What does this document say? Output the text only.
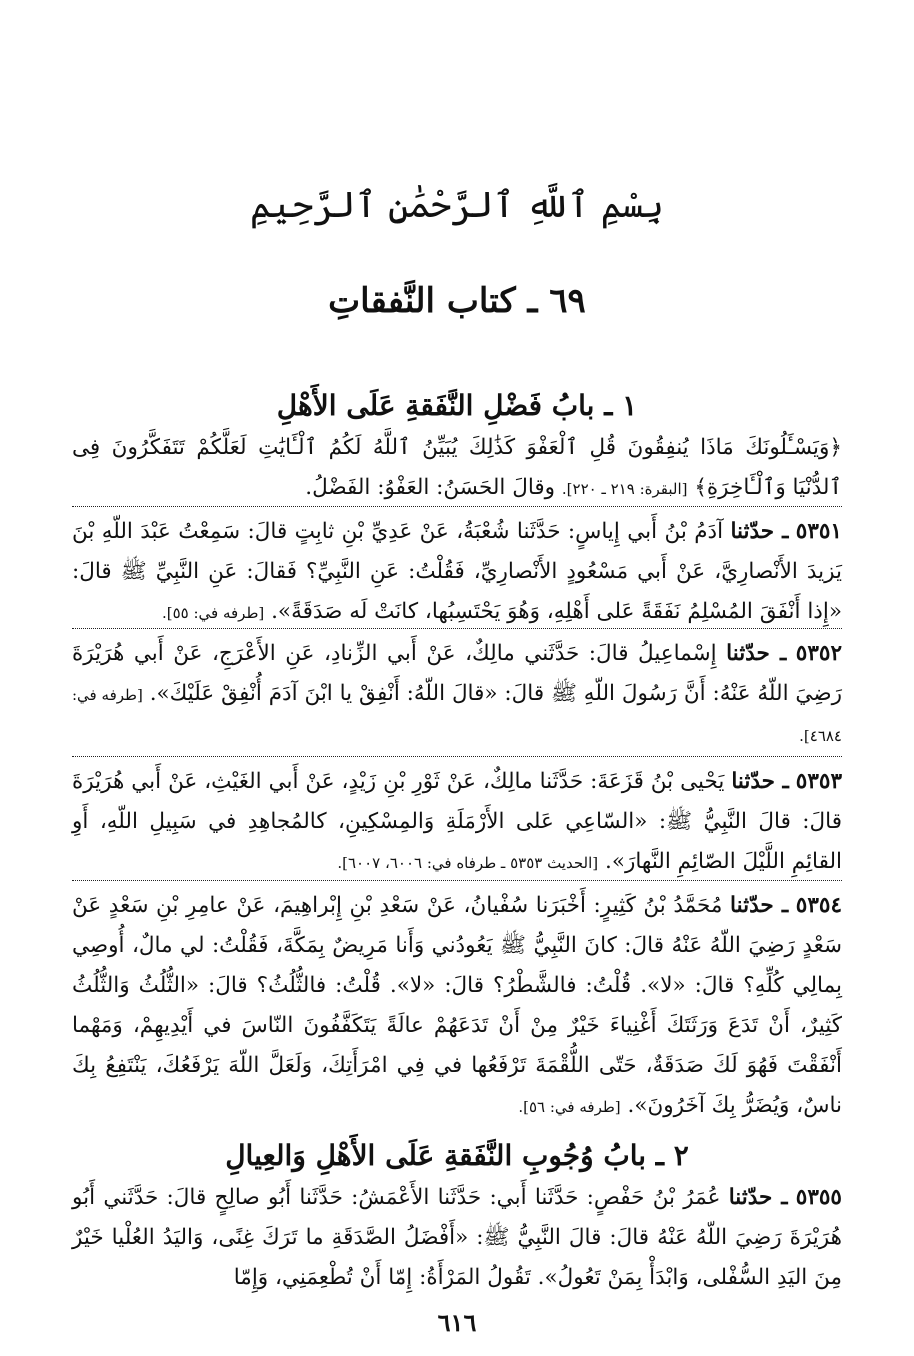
بِسْمِ ٱللَّهِ ٱلرَّحْمَٰنِ ٱلرَّحِيمِ
٦٩ ـ كتاب النَّفقاتِ
١ ـ بابُ فَضْلِ النَّفَقةِ عَلَى الأَهْلِ
﴿وَيَسْـَٔلُونَكَ مَاذَا يُنفِقُونَ قُلِ ٱلْعَفْوَ كَذَٰلِكَ يُبَيِّنُ ٱللَّهُ لَكُمُ ٱلْـَٔايَٰتِ لَعَلَّكُمْ تَتَفَكَّرُونَ فِى ٱلدُّنْيَا وَٱلْـَٔاخِرَةِ﴾ [البقرة: ٢١٩ ـ ٢٢٠]. وقالَ الحَسَنُ: العَفْوُ: الفَضْلُ.
٥٣٥١ ـ حدّثنا آدَمُ بْنُ أَبي إِياسٍ: حَدَّثَنا شُعْبَةُ، عَنْ عَدِيِّ بْنِ ثابِتٍ قالَ: سَمِعْتُ عَبْدَ اللّهِ بْنَ يَزيدَ الأَنْصارِيَّ، عَنْ أَبي مَسْعُودٍ الأَنْصارِيِّ، فَقُلْتُ: عَنِ النَّبِيِّ؟ فَقالَ: عَنِ النَّبِيِّ ﷺ قالَ: «إِذا أَنْفَقَ المُسْلِمُ نَفَقَةً عَلى أَهْلِهِ، وَهُوَ يَحْتَسِبُها، كانَتْ لَه صَدَقَةً». [طرفه في: ٥٥].
٥٣٥٢ ـ حدّثنا إِسْماعِيلُ قالَ: حَدَّثَني مالِكٌ، عَنْ أَبي الزِّنادِ، عَنِ الأَعْرَجِ، عَنْ أَبي هُرَيْرَةَ رَضِيَ اللّهُ عَنْهُ: أَنَّ رَسُولَ اللّهِ ﷺ قالَ: «قالَ اللّهُ: أَنْفِقْ يا ابْنَ آدَمَ أُنْفِقْ عَلَيْكَ». [طرفه في: ٤٦٨٤].
٥٣٥٣ ـ حدّثنا يَحْيى بْنُ قَزَعَةَ: حَدَّثَنا مالِكٌ، عَنْ ثَوْرِ بْنِ زَيْدٍ، عَنْ أَبي الغَيْثِ، عَنْ أَبي هُرَيْرَةَ قالَ: قالَ النَّبِيُّ ﷺ: «السّاعِي عَلى الأَرْمَلَةِ وَالمِسْكِينِ، كالمُجاهِدِ في سَبِيلِ اللّهِ، أَوِ القائِمِ اللَّيْلَ الصّائِمِ النَّهارَ». [الحديث ٥٣٥٣ ـ طرفاه في: ٦٠٠٦، ٦٠٠٧].
٥٣٥٤ ـ حدّثنا مُحَمَّدُ بْنُ كَثِيرٍ: أَخْبَرَنا سُفْيانُ، عَنْ سَعْدِ بْنِ إِبْراهِيمَ، عَنْ عامِرِ بْنِ سَعْدٍ عَنْ سَعْدٍ رَضِيَ اللّهُ عَنْهُ قالَ: كانَ النَّبِيُّ ﷺ يَعُودُني وَأَنا مَرِيضٌ بِمَكَّةَ، فَقُلْتُ: لي مالٌ، أُوصِي بِمالِي كُلِّهِ؟ قالَ: «لا». قُلْتُ: فالشَّطْرُ؟ قالَ: «لا». قُلْتُ: فالثُّلُثُ؟ قالَ: «الثُّلُثُ وَالثُّلُثُ كَثِيرٌ، أَنْ تَدَعَ وَرَثَتَكَ أَغْنِياءَ خَيْرٌ مِنْ أَنْ تَدَعَهُمْ عالَةً يَتَكَفَّفُونَ النّاسَ في أَيْدِيهِمْ، وَمَهْما أَنْفَقْتَ فَهُوَ لَكَ صَدَقَةٌ، حَتّى اللُّقْمَةَ تَرْفَعُها في فِي امْرَأَتِكَ، وَلَعَلَّ اللّهَ يَرْفَعُكَ، يَنْتَفِعُ بِكَ ناسٌ، وَيُضَرُّ بِكَ آخَرُونَ». [طرفه في: ٥٦].
٢ ـ بابُ وُجُوبِ النَّفَقةِ عَلَى الأَهْلِ وَالعِيالِ
٥٣٥٥ ـ حدّثنا عُمَرُ بْنُ حَفْصٍ: حَدَّثَنا أَبي: حَدَّثَنا الأَعْمَشُ: حَدَّثَنا أَبُو صالِحٍ قالَ: حَدَّثَني أَبُو هُرَيْرَةَ رَضِيَ اللّهُ عَنْهُ قالَ: قالَ النَّبِيُّ ﷺ: «أَفْضَلُ الصَّدَقَةِ ما تَرَكَ غِنًى، وَاليَدُ العُلْيا خَيْرٌ مِنَ اليَدِ السُّفْلى، وَابْدَأْ بِمَنْ تَعُولُ». تَقُولُ المَرْأَةُ: إِمّا أَنْ تُطْعِمَنِي، وَإِمّا
٦١٦
